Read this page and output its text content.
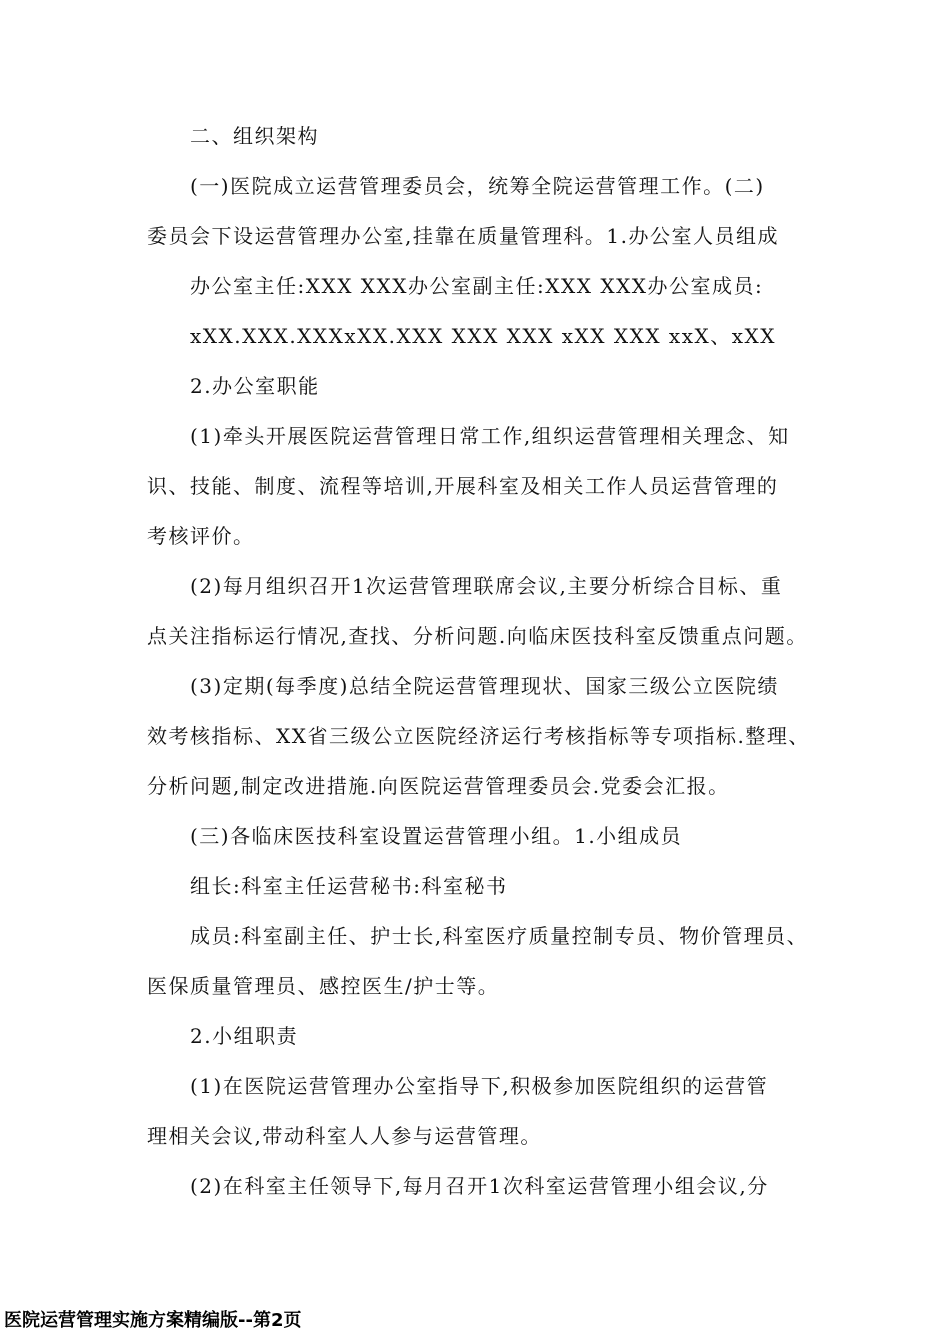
二、组织架构
(一)医院成立运营管理委员会，统筹全院运营管理工作。(二)
委员会下设运营管理办公室,挂靠在质量管理科。1.办公室人员组成
办公室主任:XXX XXX办公室副主任:XXX XXX办公室成员:
xXX.XXX.XXXxXX.XXX XXX XXX xXX XXX xxX、xXX
2.办公室职能
(1)牵头开展医院运营管理日常工作,组织运营管理相关理念、知
识、技能、制度、流程等培训,开展科室及相关工作人员运营管理的
考核评价。
(2)每月组织召开1次运营管理联席会议,主要分析综合目标、重
点关注指标运行情况,查找、分析问题.向临床医技科室反馈重点问题。
(3)定期(每季度)总结全院运营管理现状、国家三级公立医院绩
效考核指标、XX省三级公立医院经济运行考核指标等专项指标.整理、
分析问题,制定改进措施.向医院运营管理委员会.党委会汇报。
(三)各临床医技科室设置运营管理小组。1.小组成员
组长:科室主任运营秘书:科室秘书
成员:科室副主任、护士长,科室医疗质量控制专员、物价管理员、
医保质量管理员、感控医生/护士等。
2.小组职责
(1)在医院运营管理办公室指导下,积极参加医院组织的运营管
理相关会议,带动科室人人参与运营管理。
(2)在科室主任领导下,每月召开1次科室运营管理小组会议,分
医院运营管理实施方案精编版--第2页
